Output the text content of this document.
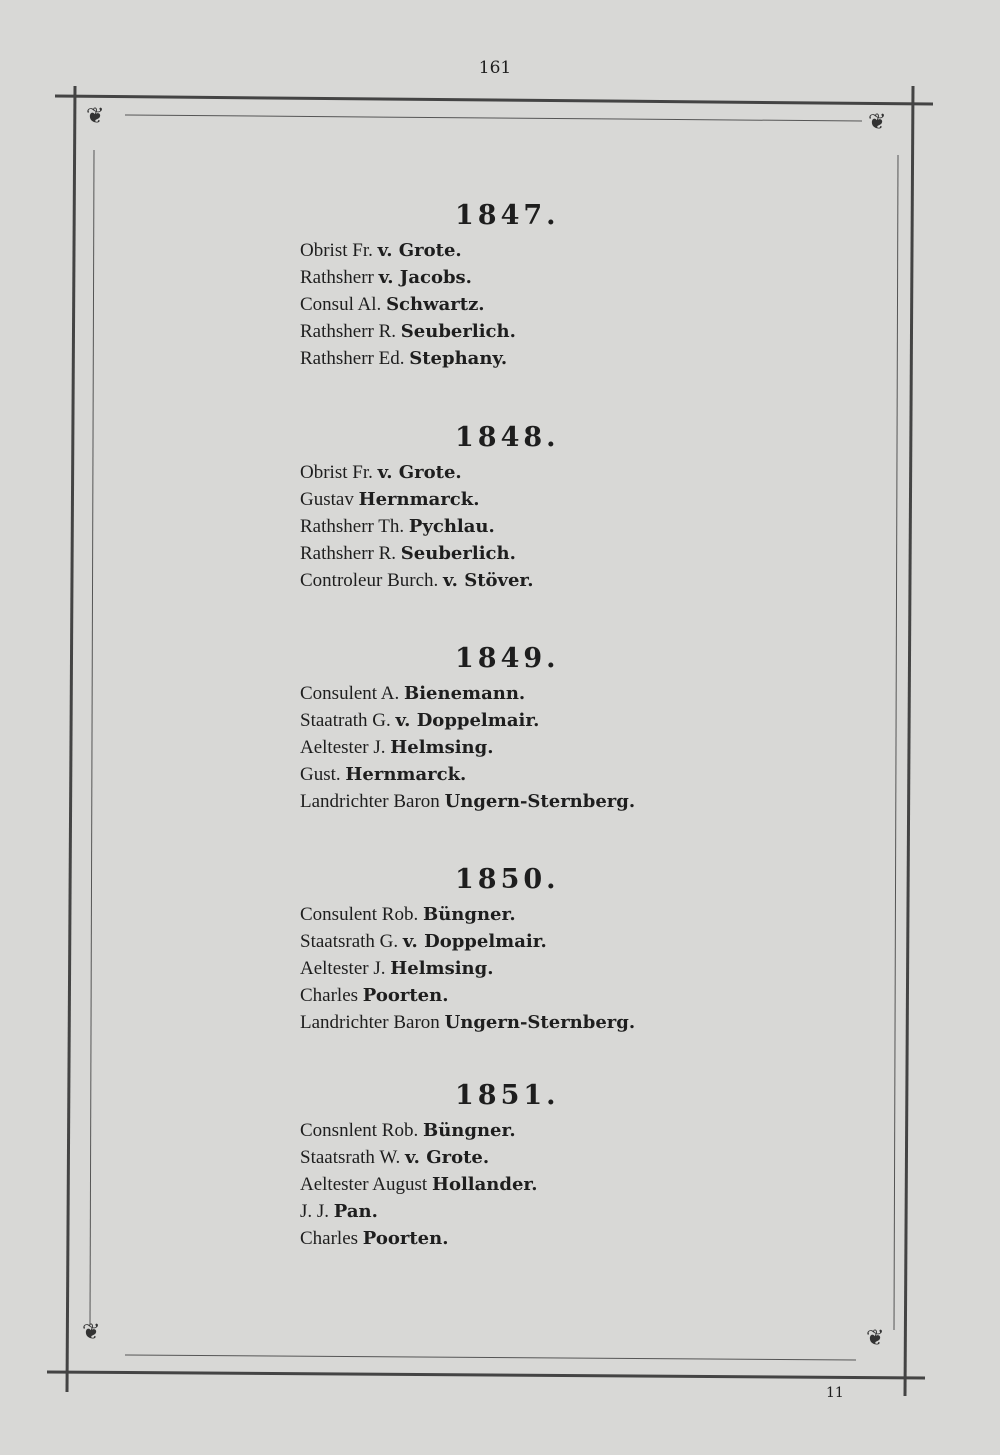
161
❦	❦
❦	❦
1847.
Obrist Fr. v. Grote.
Rathsherr v. Jacobs.
Consul Al. Schwartz.
Rathsherr R. Seuberlich.
Rathsherr Ed. Stephany.
1848.
Obrist Fr. v. Grote.
Gustav Hernmarck.
Rathsherr Th. Pychlau.
Rathsherr R. Seuberlich.
Controleur Burch. v. Stöver.
1849.
Consulent A. Bienemann.
Staatrath G. v. Doppelmair.
Aeltester J. Helmsing.
Gust. Hernmarck.
Landrichter Baron Ungern-Sternberg.
1850.
Consulent Rob. Büngner.
Staatsrath G. v. Doppelmair.
Aeltester J. Helmsing.
Charles Poorten.
Landrichter Baron Ungern-Sternberg.
1851.
Consnlent Rob. Büngner.
Staatsrath W. v. Grote.
Aeltester August Hollander.
J. J. Pan.
Charles Poorten.
11
